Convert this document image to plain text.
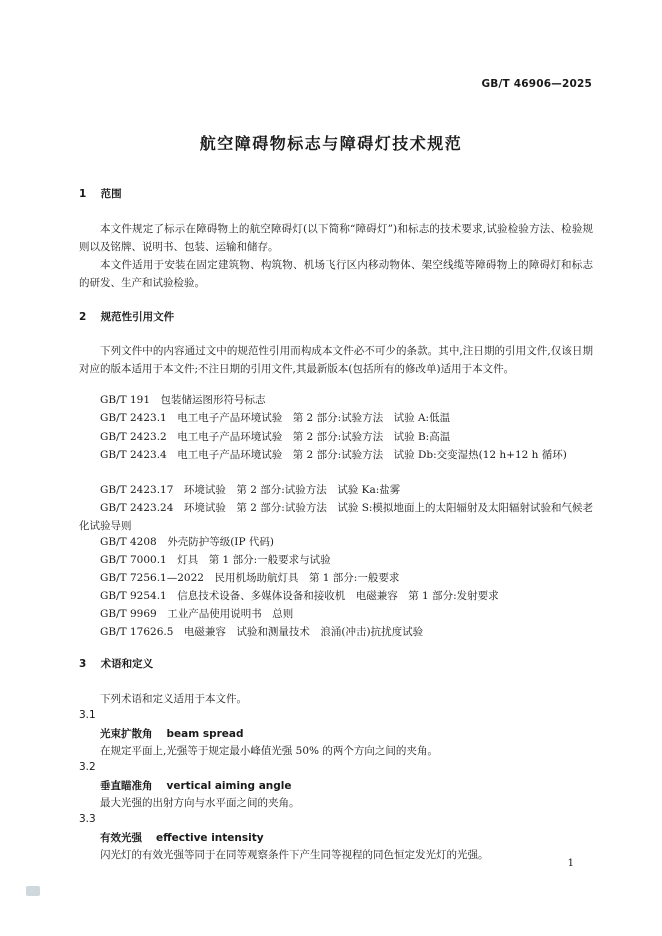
GB/T 46906—2025
航空障碍物标志与障碍灯技术规范
1 范围
本文件规定了标示在障碍物上的航空障碍灯(以下简称“障碍灯”)和标志的技术要求,试验检验方法、检验规则以及铭牌、说明书、包装、运输和储存。
本文件适用于安装在固定建筑物、构筑物、机场飞行区内移动物体、架空线缆等障碍物上的障碍灯和标志的研发、生产和试验检验。
2 规范性引用文件
下列文件中的内容通过文中的规范性引用而构成本文件必不可少的条款。其中,注日期的引用文件,仅该日期对应的版本适用于本文件;不注日期的引用文件,其最新版本(包括所有的修改单)适用于本文件。
GB/T 191　包装储运图形符号标志
GB/T 2423.1　电工电子产品环境试验　第 2 部分:试验方法　试验 A:低温
GB/T 2423.2　电工电子产品环境试验　第 2 部分:试验方法　试验 B:高温
GB/T 2423.4　电工电子产品环境试验　第 2 部分:试验方法　试验 Db:交变湿热(12 h+12 h 循环)
GB/T 2423.17　环境试验　第 2 部分:试验方法　试验 Ka:盐雾
GB/T 2423.24　环境试验　第 2 部分:试验方法　试验 S:模拟地面上的太阳辐射及太阳辐射试验和气候老化试验导则
GB/T 4208　外壳防护等级(IP 代码)
GB/T 7000.1　灯具　第 1 部分:一般要求与试验
GB/T 7256.1—2022　民用机场助航灯具　第 1 部分:一般要求
GB/T 9254.1　信息技术设备、多媒体设备和接收机　电磁兼容　第 1 部分:发射要求
GB/T 9969　工业产品使用说明书　总则
GB/T 17626.5　电磁兼容　试验和测量技术　浪涌(冲击)抗扰度试验
3 术语和定义
下列术语和定义适用于本文件。
3.1
光束扩散角 beam spread
在规定平面上,光强等于规定最小峰值光强 50% 的两个方向之间的夹角。
3.2
垂直瞄准角 vertical aiming angle
最大光强的出射方向与水平面之间的夹角。
3.3
有效光强 effective intensity
闪光灯的有效光强等同于在同等观察条件下产生同等视程的同色恒定发光灯的光强。
1
